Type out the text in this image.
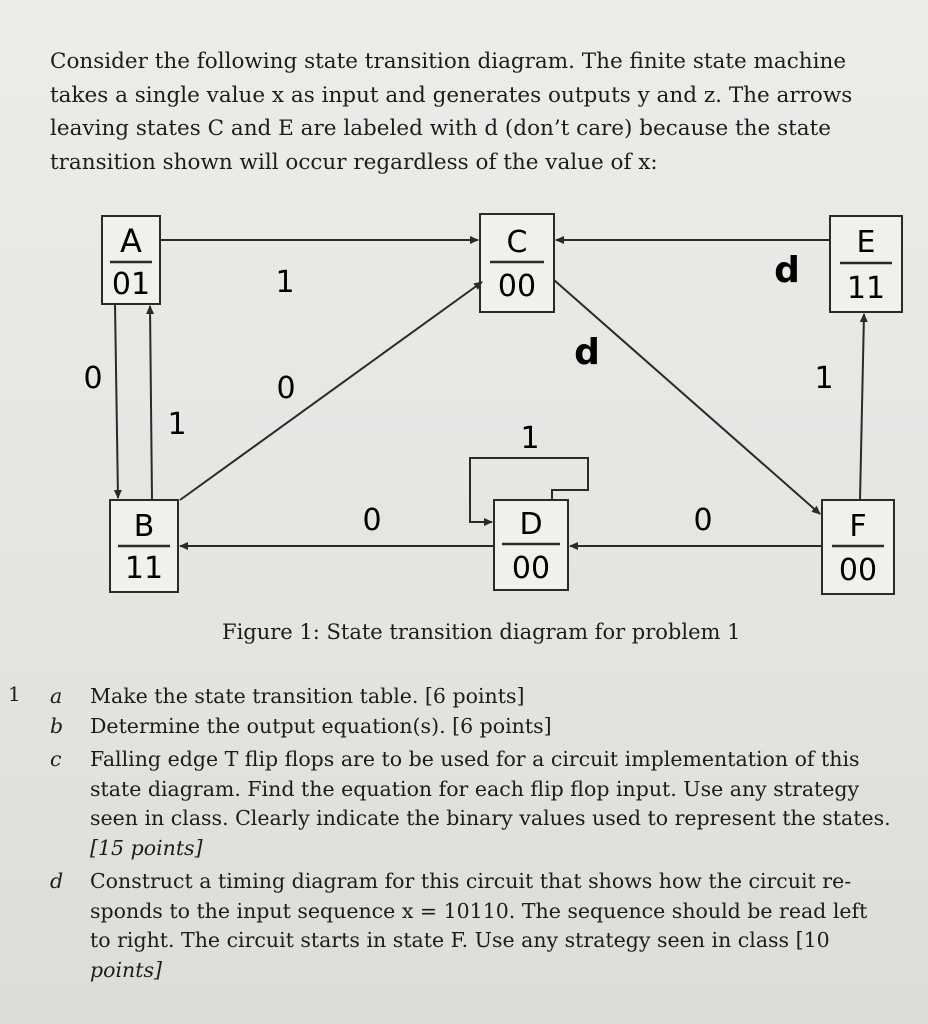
Consider the following state transition diagram. The finite state machine
takes a single value x as input and generates outputs y and z. The arrows
leaving states C and E are labeled with d (don’t care) because the state
transition shown will occur regardless of the value of x:

A
01
B
11
C
00
D
00
E
11
F
00
1
0
1
0
d
1
0	0
1
d
Figure 1: State transition diagram for problem 1
1 a Make the state transition table. [6 points]
b Determine the output equation(s). [6 points]
c	Falling edge T flip flops are to be used for a circuit implementation of this
state diagram. Find the equation for each flip flop input. Use any strategy
seen in class. Clearly indicate the binary values used to represent the states.
[15 points]
d Construct a timing diagram for this circuit that shows how the circuit re-
sponds to the input sequence x = 10110. The sequence should be read left
to right. The circuit starts in state F. Use any strategy seen in class [10
points]
